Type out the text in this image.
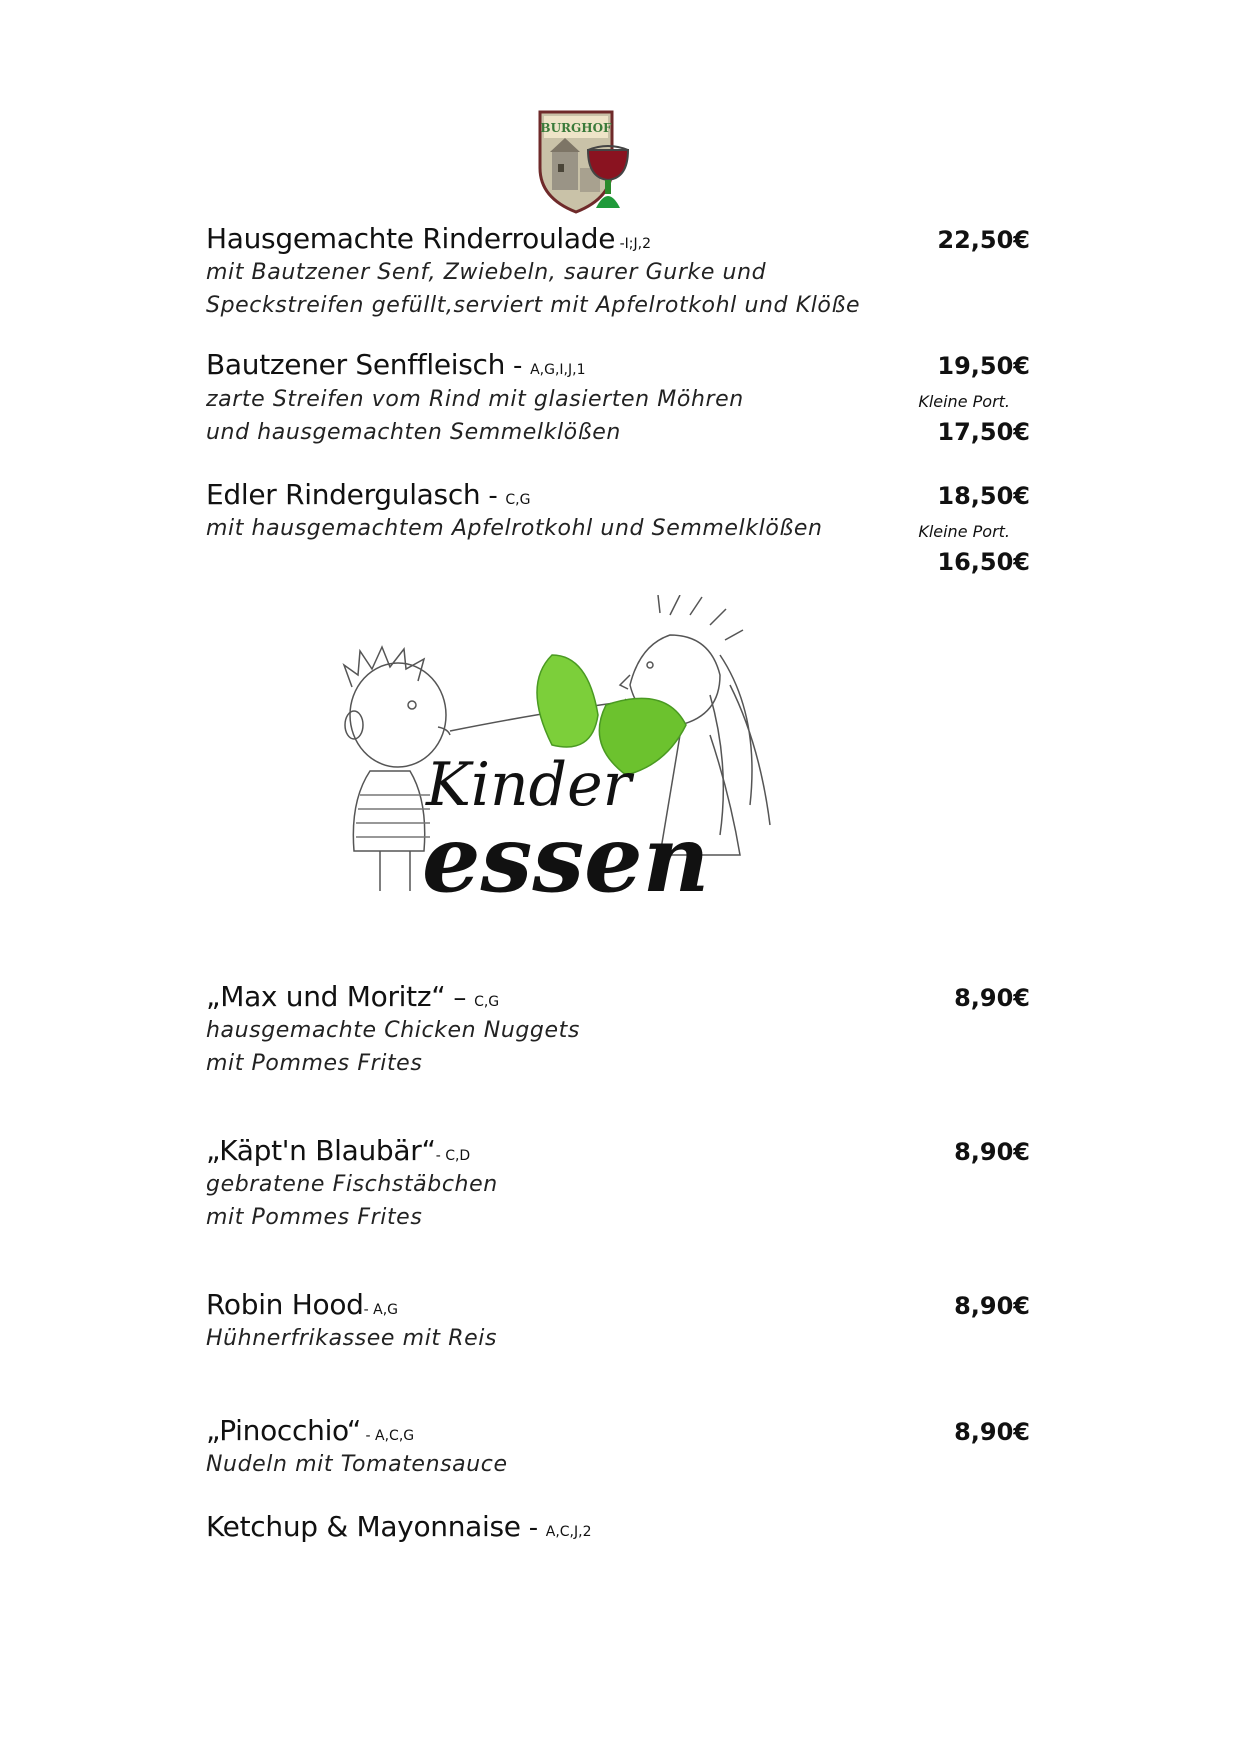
BURGHOF
Hausgemachte Rinderroulade -I;J,2	22,50€
mit Bautzener Senf, Zwiebeln, saurer Gurke und
Speckstreifen gefüllt,serviert mit Apfelrotkohl und Klöße
Bautzener Senffleisch - A,G,I,J,1	19,50€
Kleine Port.
17,50€
zarte Streifen vom Rind mit glasierten Möhren
und hausgemachten Semmelklößen
Edler Rindergulasch - C,G	18,50€
Kleine Port.
16,50€
mit hausgemachtem Apfelrotkohl und Semmelklößen
Kinder
essen
„Max und Moritz“ – C,G	8,90€
hausgemachte Chicken Nuggets
mit Pommes Frites
„Käpt'n Blaubär“- C,D	8,90€
gebratene Fischstäbchen
mit Pommes Frites
Robin Hood- A,G	8,90€
Hühnerfrikassee mit Reis
„Pinocchio“ - A,C,G	8,90€
Nudeln mit Tomatensauce
Ketchup & Mayonnaise - A,C,J,2
